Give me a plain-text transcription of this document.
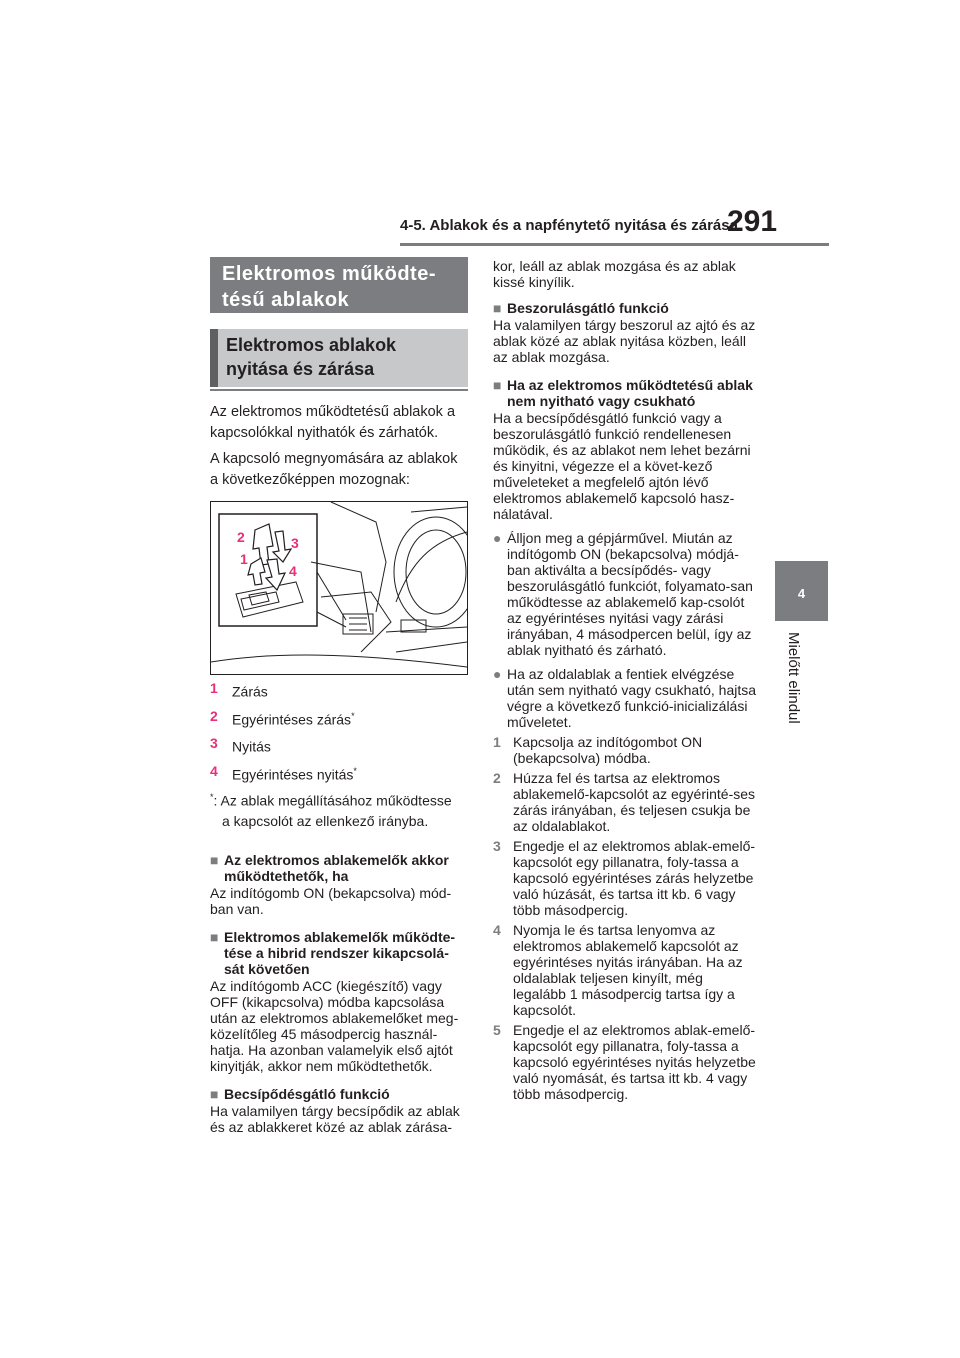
4-5. Ablakok és a napfénytető nyitása és zárása
291
4
Mielőtt elindul
Elektromos működte-tésű ablakok
Elektromos ablakok nyitása és zárása

Az elektromos működtetésű ablakok a kapcsolókkal nyithatók és zárhatók.

A kapcsoló megnyomására az ablakok a következőképpen mozognak:

2	3
1
4
1	Zárás
2	Egyérintéses zárás*
3	Nyitás
4	Egyérintéses nyitás*
*: Az ablak megállításához működtesse
a kapcsolót az ellenkező irányba.
■ Az elektromos ablakemelők akkor működtethetők, ha
Az indítógomb ON (bekapcsolva) mód-ban van.
■ Elektromos ablakemelők működte-tése a hibrid rendszer kikapcsolá-sát követően
Az indítógomb ACC (kiegészítő) vagy OFF (kikapcsolva) módba kapcsolása után az elektromos ablakemelőket meg-közelítőleg 45 másodpercig használ-hatja. Ha azonban valamelyik első ajtót kinyitják, akkor nem működtethetők.
■ Becsípődésgátló funkció
Ha valamilyen tárgy becsípődik az ablak és az ablakkeret közé az ablak zárása-
kor, leáll az ablak mozgása és az ablak kissé kinyílik.
■ Beszorulásgátló funkció
Ha valamilyen tárgy beszorul az ajtó és az ablak közé az ablak nyitása közben, leáll az ablak mozgása.
■ Ha az elektromos működtetésű ablak nem nyitható vagy csukható
Ha a becsípődésgátló funkció vagy a beszorulásgátló funkció rendellenesen működik, és az ablakot nem lehet bezárni és kinyitni, végezze el a követ-kező műveleteket a megfelelő ajtón lévő elektromos ablakemelő kapcsoló hasz-nálatával.
● Álljon meg a gépjárművel. Miután az indítógomb ON (bekapcsolva) módjá-ban aktiválta a becsípődés- vagy beszorulásgátló funkciót, folyamato-san működtesse az ablakemelő kap-csolót az egyérintéses nyitási vagy zárási irányában, 4 másodpercen belül, így az ablak nyitható és zárható.
● Ha az oldalablak a fentiek elvégzése után sem nyitható vagy csukható, hajtsa végre a következő funkció-inicializálási műveletet.
1 Kapcsolja az indítógombot ON (bekapcsolva) módba.
2 Húzza fel és tartsa az elektromos ablakemelő-kapcsolót az egyérinté-ses zárás irányában, és teljesen csukja be az oldalablakot.
3 Engedje el az elektromos ablak-emelő-kapcsolót egy pillanatra, foly-tassa a kapcsoló egyérintéses zárás helyzetbe való húzását, és tartsa itt kb. 6 vagy több másodpercig.
4 Nyomja le és tartsa lenyomva az elektromos ablakemelő kapcsolót az egyérintéses nyitás irányában. Ha az oldalablak teljesen kinyílt, még legalább 1 másodpercig tartsa így a kapcsolót.
5 Engedje el az elektromos ablak-emelő-kapcsolót egy pillanatra, foly-tassa a kapcsoló egyérintéses nyitás helyzetbe való nyomását, és tartsa itt kb. 4 vagy több másodpercig.
